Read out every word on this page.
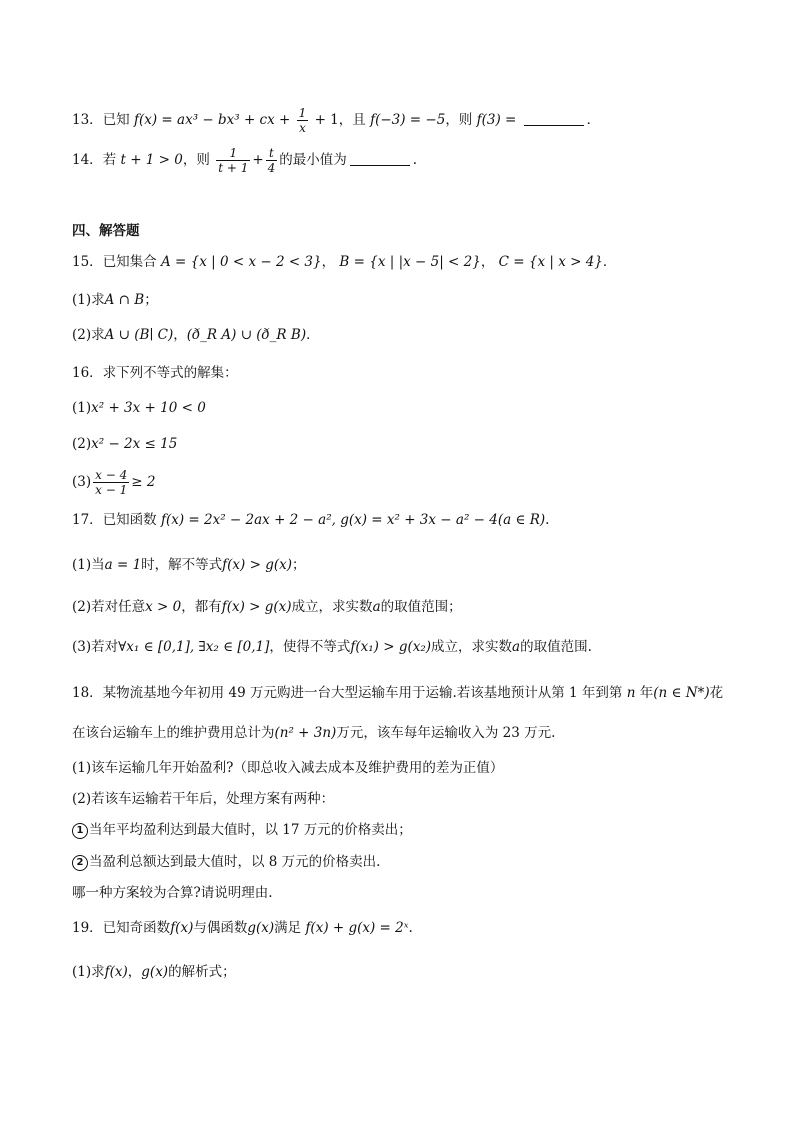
13．已知 f(x) = ax³ − bx³ + cx + $\frac{1}{x} + 1$，且 f(−3) = −5，则 f(3) =	．
14．若 t + 1 > 0，则 $\frac{1}{t + 1} + \frac{t}{4}$ 的最小值为	.
四、解答题
15．已知集合 A = {x | 0 < x − 2 < 3}， B = {x | |x − 5| < 2}， C = {x | x > 4}．
(1)求A ∩ B；
(2)求A ∪ (B∣ C)，(ð_R A) ∪ (ð_R B)．
16．求下列不等式的解集：
(1)x² + 3x + 10 < 0
(2)x² − 2x ≤ 15
$(3) \frac{x - 4}{x - 1} \ge 2$
17．已知函数 f(x) = 2x² − 2ax + 2 − a², g(x) = x² + 3x − a² − 4(a ∈ R).
(1)当a = 1时，解不等式f(x) > g(x)；
(2)若对任意x > 0，都有f(x) > g(x)成立，求实数a的取值范围；
(3)若对∀x₁ ∈ [0,1], ∃x₂ ∈ [0,1]，使得不等式f(x₁) > g(x₂)成立，求实数a的取值范围.
18．某物流基地今年初用 49 万元购进一台大型运输车用于运输.若该基地预计从第 1 年到第 n 年(n ∈ N*)花
在该台运输车上的维护费用总计为(n² + 3n)万元，该车每年运输收入为 23 万元.
(1)该车运输几年开始盈利?（即总收入减去成本及维护费用的差为正值）
(2)若该车运输若干年后，处理方案有两种：
1 当年平均盈利达到最大值时，以 17 万元的价格卖出；
2 当盈利总额达到最大值时，以 8 万元的价格卖出.
哪一种方案较为合算?请说明理由.
19．已知奇函数f(x)与偶函数g(x)满足 f(x) + g(x) = 2ˣ.
(1)求f(x)，g(x)的解析式；
